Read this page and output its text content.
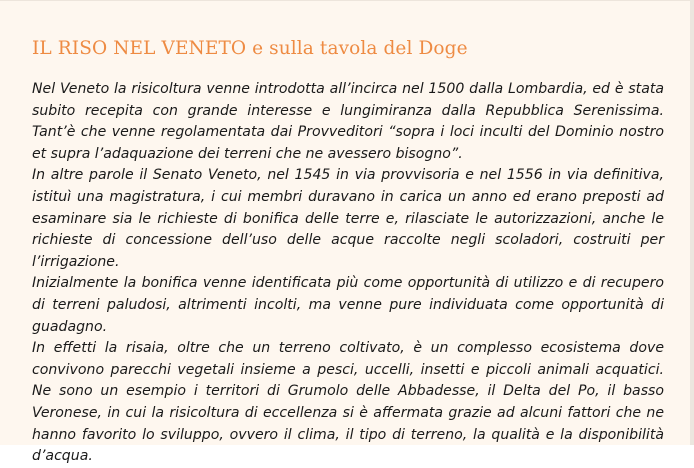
IL RISO NEL VENETO e sulla tavola del Doge

Nel Veneto la risicoltura venne introdotta all’incirca nel 1500 dalla Lombardia, ed è stata subito recepita con grande interesse e lungimiranza dalla Repubblica Serenissima. Tant’è che venne regolamentata dai Provveditori “sopra i loci inculti del Dominio nostro et supra l’adaquazione dei terreni che ne avessero bisogno”.

In altre parole il Senato Veneto, nel 1545 in via provvisoria e nel 1556 in via definitiva, istituì una magistratura, i cui membri duravano in carica un anno ed erano preposti ad esaminare sia le richieste di bonifica delle terre e, rilasciate le autorizzazioni, anche le richieste di concessione dell’uso delle acque raccolte negli scoladori, costruiti per l’irrigazione.

Inizialmente la bonifica venne identificata più come opportunità di utilizzo e di recupero di terreni paludosi, altrimenti incolti, ma venne pure individuata come opportunità di guadagno.

In effetti la risaia, oltre che un terreno coltivato, è un complesso ecosistema dove convivono parecchi vegetali insieme a pesci, uccelli, insetti e piccoli animali acquatici. Ne sono un esempio i territori di Grumolo delle Abbadesse, il Delta del Po, il basso Veronese, in cui la risicoltura di eccellenza si è affermata grazie ad alcuni fattori che ne hanno favorito lo sviluppo, ovvero il clima, il tipo di terreno, la qualità e la disponibilità d’acqua.
